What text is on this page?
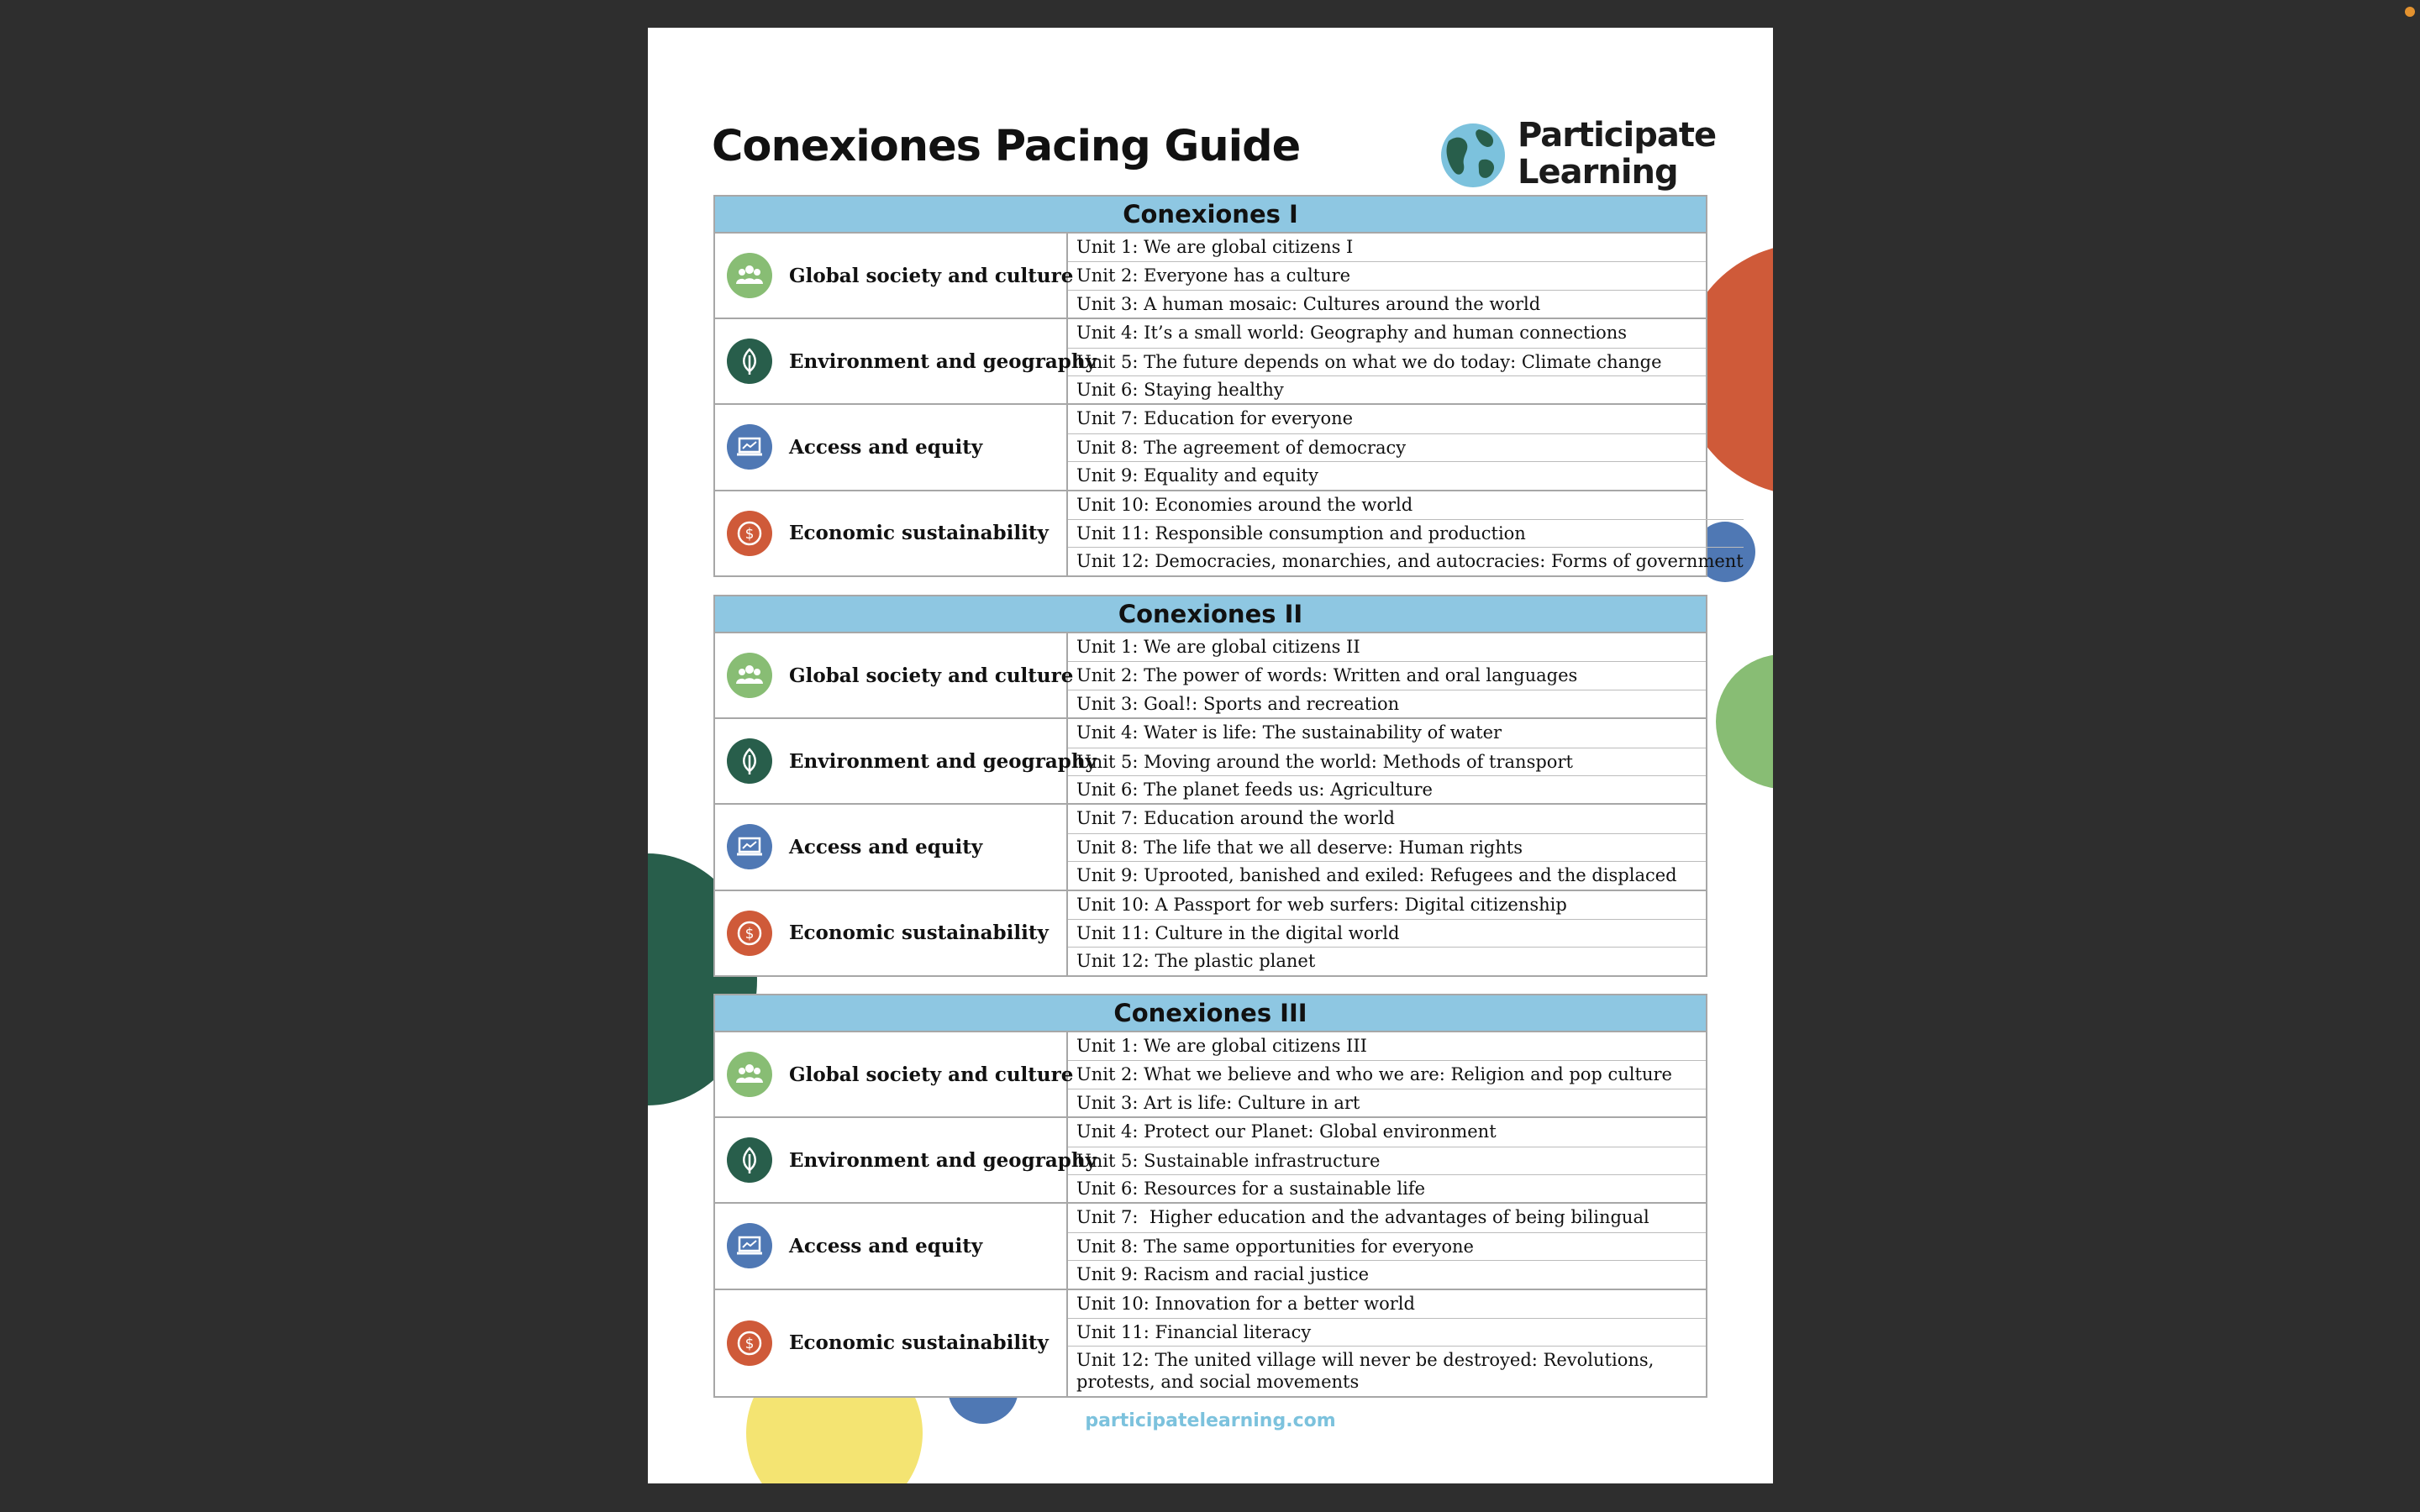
Conexiones Pacing Guide	Participate
Learning
Conexiones I
Global society and culture
Unit 1: We are global citizens I
Unit 2: Everyone has a culture
Unit 3: A human mosaic: Cultures around the world
Environment and geography
Unit 4: It’s a small world: Geography and human connections
Unit 5: The future depends on what we do today: Climate change
Unit 6: Staying healthy
Access and equity
Unit 7: Education for everyone
Unit 8: The agreement of democracy
Unit 9: Equality and equity
$ Economic sustainability
Unit 10: Economies around the world
Unit 11: Responsible consumption and production
Unit 12: Democracies, monarchies, and autocracies: Forms of government
Conexiones II
Global society and culture
Unit 1: We are global citizens II
Unit 2: The power of words: Written and oral languages
Unit 3: Goal!: Sports and recreation
Environment and geography
Unit 4: Water is life: The sustainability of water
Unit 5: Moving around the world: Methods of transport
Unit 6: The planet feeds us: Agriculture
Access and equity
Unit 7: Education around the world
Unit 8: The life that we all deserve: Human rights
Unit 9: Uprooted, banished and exiled: Refugees and the displaced
$ Economic sustainability
Unit 10: A Passport for web surfers: Digital citizenship
Unit 11: Culture in the digital world
Unit 12: The plastic planet
Conexiones III
Global society and culture
Unit 1: We are global citizens III
Unit 2: What we believe and who we are: Religion and pop culture
Unit 3: Art is life: Culture in art
Environment and geography
Unit 4: Protect our Planet: Global environment
Unit 5: Sustainable infrastructure
Unit 6: Resources for a sustainable life
Access and equity
Unit 7:  Higher education and the advantages of being bilingual
Unit 8: The same opportunities for everyone
Unit 9: Racism and racial justice
$ Economic sustainability
Unit 10: Innovation for a better world
Unit 11: Financial literacy
Unit 12: The united village will never be destroyed: Revolutions, protests, and social movements
participatelearning.com
